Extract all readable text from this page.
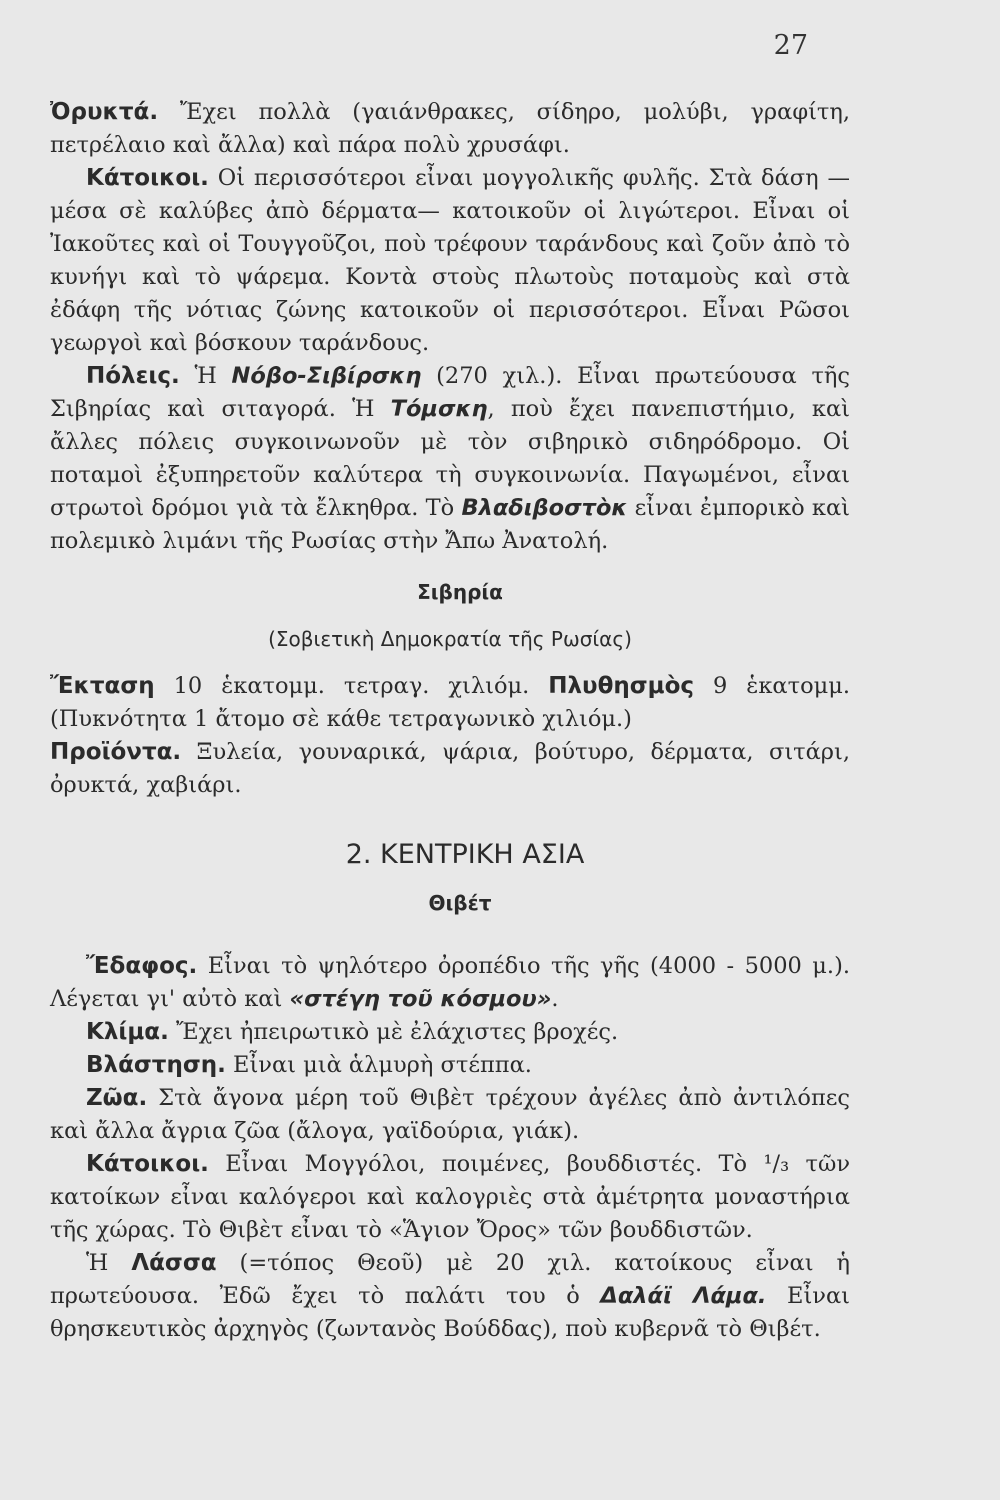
27

Ὀρυκτά. Ἔχει πολλὰ (γαιάνθρακες, σίδηρο, μολύβι, γραφίτη, πετρέλαιο καὶ ἄλλα) καὶ πάρα πολὺ χρυσάφι.

Κάτοικοι. Οἱ περισσότεροι εἶναι μογγολικῆς φυλῆς. Στὰ δάση —μέσα σὲ καλύβες ἀπὸ δέρματα— κατοικοῦν οἱ λιγώτεροι. Εἶναι οἱ Ἰακοῦτες καὶ οἱ Τουγγοῦζοι, ποὺ τρέφουν ταράνδους καὶ ζοῦν ἀπὸ τὸ κυνήγι καὶ τὸ ψάρεμα. Κοντὰ στοὺς πλωτοὺς ποταμοὺς καὶ στὰ ἐδάφη τῆς νότιας ζώνης κατοικοῦν οἱ περισσότεροι. Εἶναι Ρῶσοι γεωργοὶ καὶ βόσκουν ταράνδους.

Πόλεις. Ἡ Νόβο-Σιβίρσκη (270 χιλ.). Εἶναι πρωτεύουσα τῆς Σιβηρίας καὶ σιταγορά. Ἡ Τόμσκη, ποὺ ἔχει πανεπιστήμιο, καὶ ἄλλες πόλεις συγκοινωνοῦν μὲ τὸν σιβηρικὸ σιδηρόδρομο. Οἱ ποταμοὶ ἐξυπηρετοῦν καλύτερα τὴ συγκοινωνία. Παγωμένοι, εἶναι στρωτοὶ δρόμοι γιὰ τὰ ἔλκηθρα. Τὸ Βλαδιβοστὸκ εἶναι ἐμπορικὸ καὶ πολεμικὸ λιμάνι τῆς Ρωσίας στὴν Ἄπω Ἀνατολή.

Σιβηρία
(Σοβιετικὴ Δημοκρατία τῆς Ρωσίας)

Ἔκταση 10 ἑκατομμ. τετραγ. χιλιόμ. Πλυθησμὸς 9 ἑκατομμ. (Πυκνότητα 1 ἄτομο σὲ κάθε τετραγωνικὸ χιλιόμ.)

Προϊόντα. Ξυλεία, γουναρικά, ψάρια, βούτυρο, δέρματα, σιτάρι, ὀρυκτά, χαβιάρι.

2. ΚΕΝΤΡΙΚΗ ΑΣΙΑ
Θιβέτ

Ἔδαφος. Εἶναι τὸ ψηλότερο ὀροπέδιο τῆς γῆς (4000 - 5000 μ.). Λέγεται γι' αὐτὸ καὶ «στέγη τοῦ κόσμου».

Κλίμα. Ἔχει ἠπειρωτικὸ μὲ ἐλάχιστες βροχές.

Βλάστηση. Εἶναι μιὰ ἁλμυρὴ στέππα.

Ζῶα. Στὰ ἄγονα μέρη τοῦ Θιβὲτ τρέχουν ἀγέλες ἀπὸ ἀντιλόπες καὶ ἄλλα ἄγρια ζῶα (ἄλογα, γαϊδούρια, γιάκ).

Κάτοικοι. Εἶναι Μογγόλοι, ποιμένες, βουδδιστές. Τὸ ¹/₃ τῶν κατοίκων εἶναι καλόγεροι καὶ καλογριὲς στὰ ἀμέτρητα μοναστήρια τῆς χώρας. Τὸ Θιβὲτ εἶναι τὸ «Ἅγιον Ὄρος» τῶν βουδδιστῶν.

Ἡ Λάσσα (=τόπος Θεοῦ) μὲ 20 χιλ. κατοίκους εἶναι ἡ πρωτεύουσα. Ἐδῶ ἔχει τὸ παλάτι του ὁ Δαλάϊ Λάμα. Εἶναι θρησκευτικὸς ἀρχηγὸς (ζωντανὸς Βούδδας), ποὺ κυβερνᾶ τὸ Θιβέτ.
